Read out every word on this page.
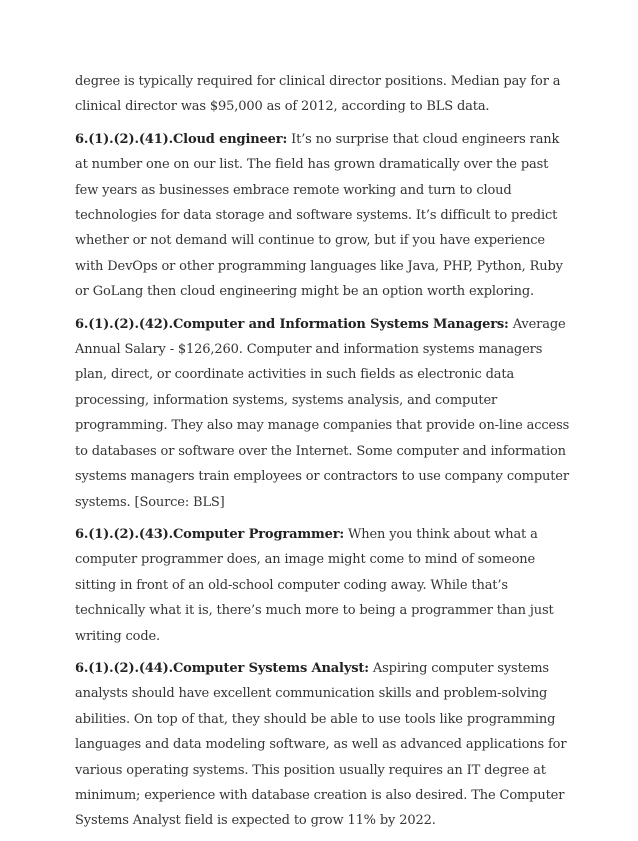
degree is typically required for clinical director positions. Median pay for a clinical director was $95,000 as of 2012, according to BLS data.

6.(1).(2).(41).Cloud engineer: It’s no surprise that cloud engineers rank at number one on our list. The field has grown dramatically over the past few years as businesses embrace remote working and turn to cloud technologies for data storage and software systems. It’s difficult to predict whether or not demand will continue to grow, but if you have experience with DevOps or other programming languages like Java, PHP, Python, Ruby or GoLang then cloud engineering might be an option worth exploring.

6.(1).(2).(42).Computer and Information Systems Managers: Average Annual Salary - $126,260. Computer and information systems managers plan, direct, or coordinate activities in such fields as electronic data processing, information systems, systems analysis, and computer programming. They also may manage companies that provide on-line access to databases or software over the Internet. Some computer and information systems managers train employees or contractors to use company computer systems. [Source: BLS]

6.(1).(2).(43).Computer Programmer: When you think about what a computer programmer does, an image might come to mind of someone sitting in front of an old-school computer coding away. While that’s technically what it is, there’s much more to being a programmer than just writing code.

6.(1).(2).(44).Computer Systems Analyst: Aspiring computer systems analysts should have excellent communication skills and problem-solving abilities. On top of that, they should be able to use tools like programming languages and data modeling software, as well as advanced applications for various operating systems. This position usually requires an IT degree at minimum; experience with database creation is also desired. The Computer Systems Analyst field is expected to grow 11% by 2022.
